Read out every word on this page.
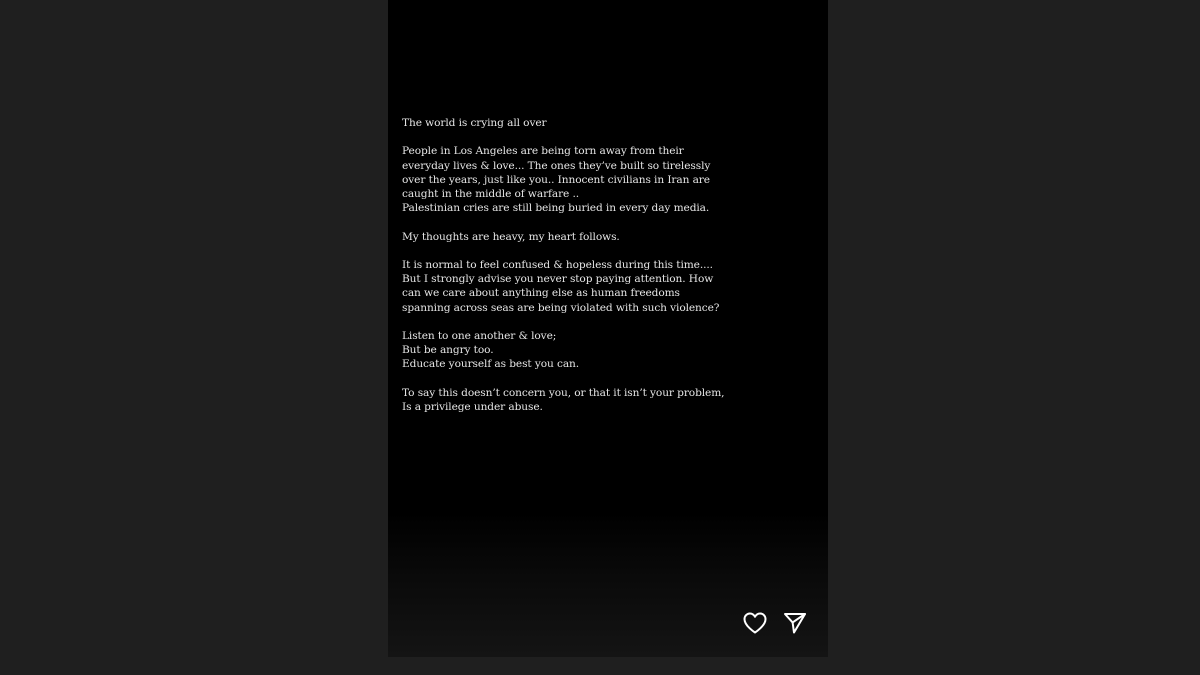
The world is crying all over

People in Los Angeles are being torn away from their
everyday lives & love... The ones they’ve built so tirelessly
over the years, just like you.. Innocent civilians in Iran are
caught in the middle of warfare ..
Palestinian cries are still being buried in every day media.

My thoughts are heavy, my heart follows.

It is normal to feel confused & hopeless during this time....
But I strongly advise you never stop paying attention. How
can we care about anything else as human freedoms
spanning across seas are being violated with such violence?

Listen to one another & love;
But be angry too.
Educate yourself as best you can.

To say this doesn’t concern you, or that it isn’t your problem,
Is a privilege under abuse.
